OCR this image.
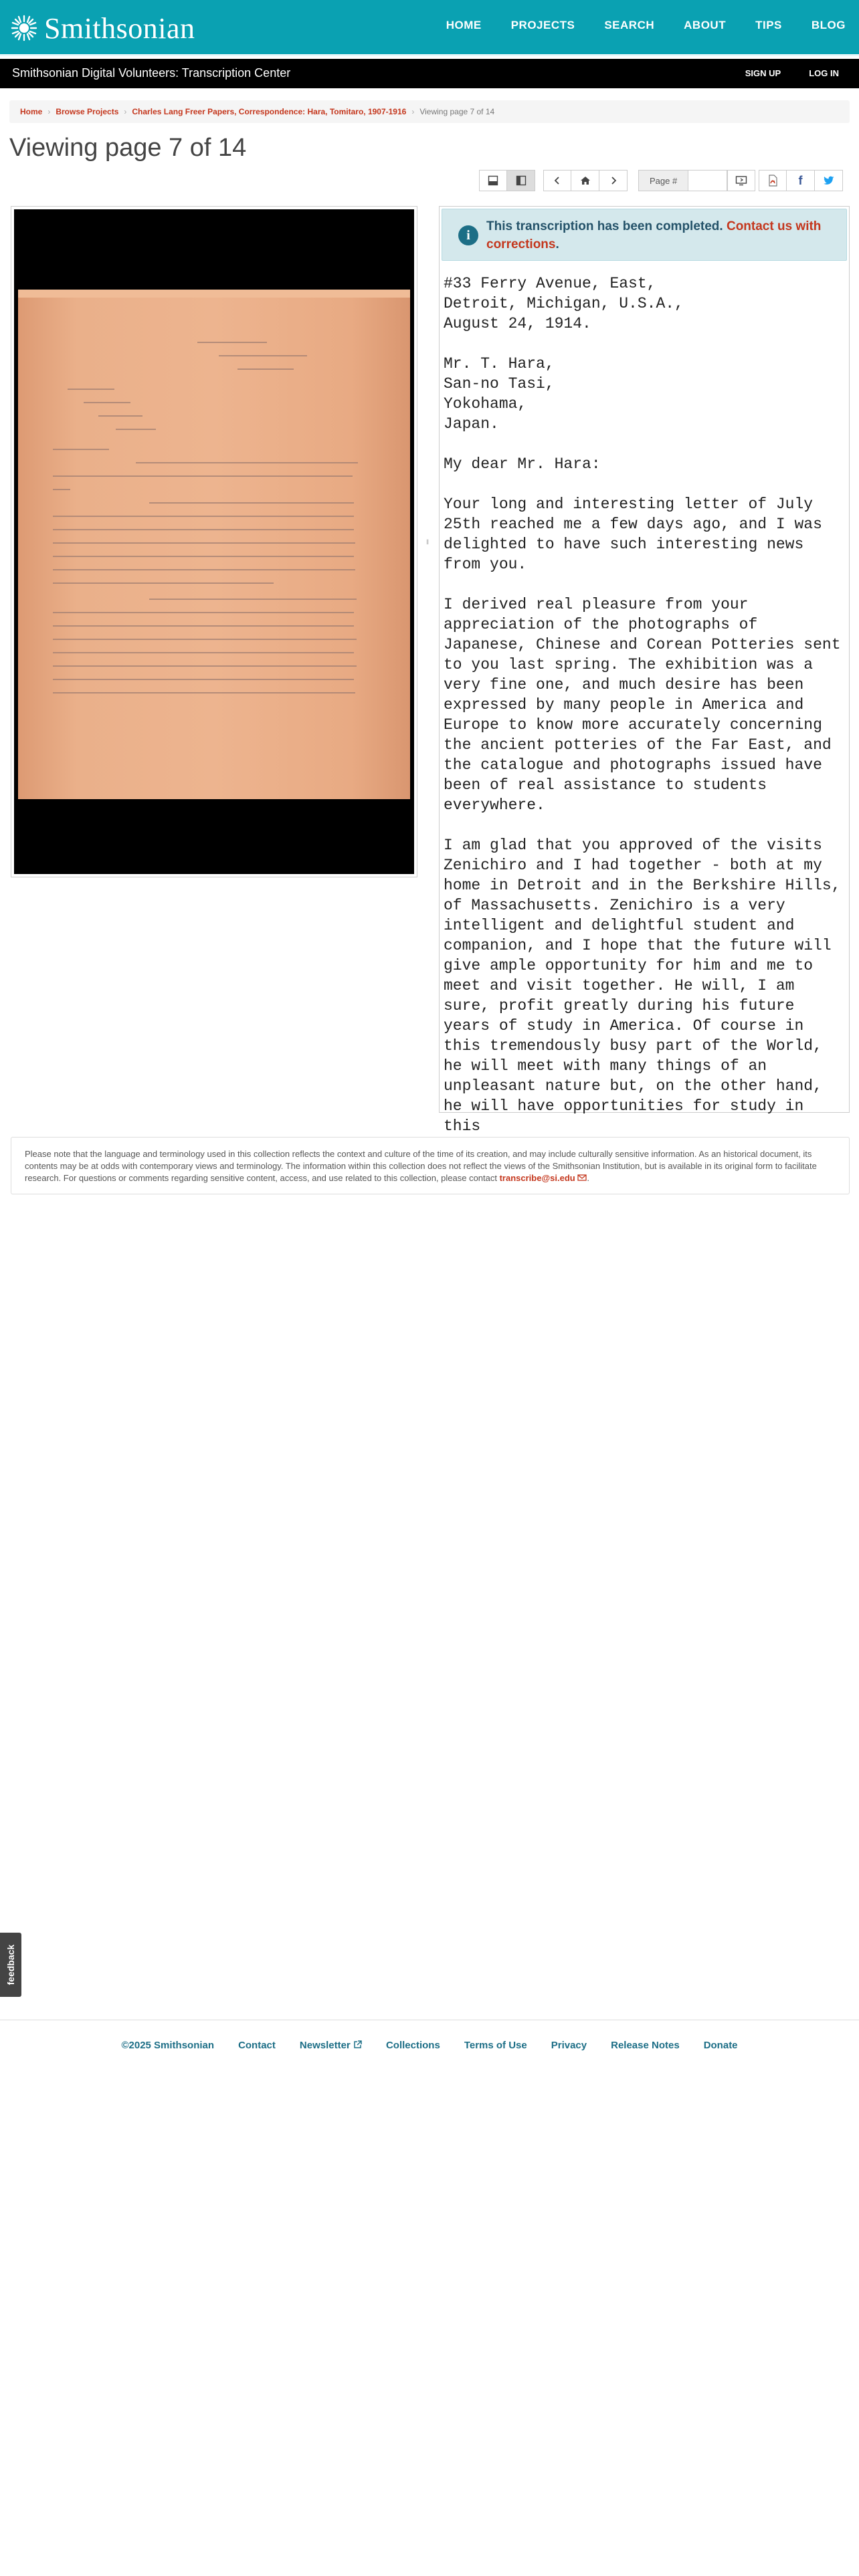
Smithsonian	HOME	PROJECTS	SEARCH	ABOUT	TIPS	BLOG
Smithsonian Digital Volunteers: Transcription Center	SIGN UP	LOG IN
Home › Browse Projects › Charles Lang Freer Papers, Correspondence: Hara, Tomitaro, 1907-1916 › Viewing page 7 of 14
Viewing page 7 of 14
Page #	f
‖
i
This transcription has been completed. Contact us with corrections.
#33 Ferry Avenue, East,
Detroit, Michigan, U.S.A.,
August 24, 1914.

Mr. T. Hara,
San-no Tasi,
Yokohama,
Japan.

My dear Mr. Hara:

Your long and interesting letter of July 25th reached me a few days ago, and I was delighted to have such interesting news from you.

I derived real pleasure from your appreciation of the photographs of Japanese, Chinese and Corean Potteries sent to you last spring. The exhibition was a very fine one, and much desire has been expressed by many people in America and Europe to know more accurately concerning the ancient potteries of the Far East, and the catalogue and photographs issued have been of real assistance to students everywhere.

I am glad that you approved of the visits Zenichiro and I had together - both at my home in Detroit and in the Berkshire Hills, of Massachusetts. Zenichiro is a very intelligent and delightful student and companion, and I hope that the future will give ample opportunity for him and me to meet and visit together. He will, I am sure, profit greatly during his future years of study in America. Of course in this tremendously busy part of the World, he will meet with many things of an unpleasant nature but, on the other hand, he will have opportunities for study in this
Please note that the language and terminology used in this collection reflects the context and culture of the time of its creation, and may include culturally sensitive information. As an historical document, its contents may be at odds with contemporary views and terminology. The information within this collection does not reflect the views of the Smithsonian Institution, but is available in its original form to facilitate research. For questions or comments regarding sensitive content, access, and use related to this collection, please contact transcribe@si.edu .
feedback
©2025 Smithsonian Contact Newsletter	Collections Terms of Use Privacy Release Notes Donate
